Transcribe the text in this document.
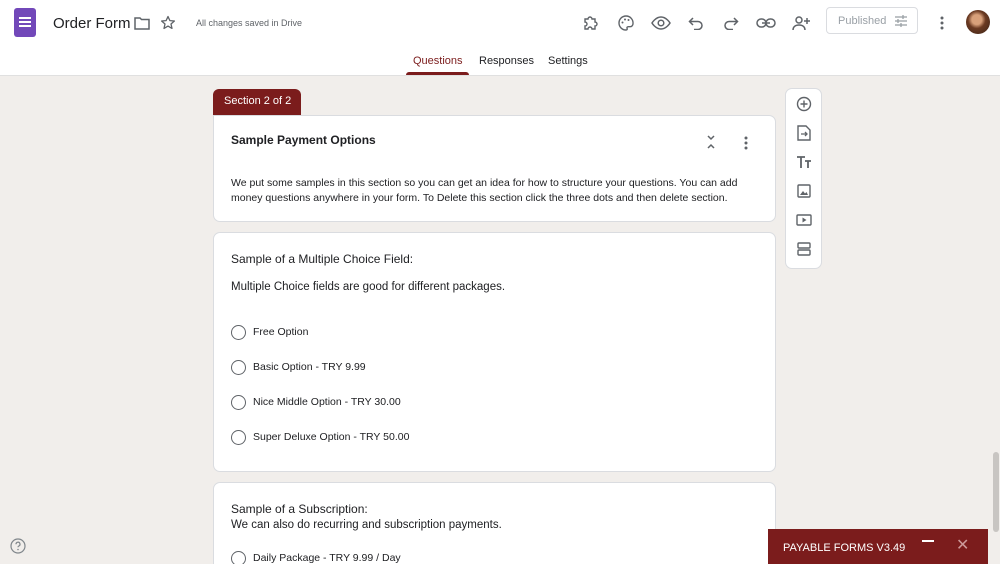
Order Form	All changes saved in Drive	Published
Questions Responses Settings
Section 2 of 2
Sample Payment Options
We put some samples in this section so you can get an idea for how to structure your questions. You can add money questions anywhere in your form. To Delete this section click the three dots and then delete section.
Sample of a Multiple Choice Field:
Multiple Choice fields are good for different packages.
Free Option
Basic Option - TRY 9.99
Nice Middle Option - TRY 30.00
Super Deluxe Option - TRY 50.00
Sample of a Subscription:
We can also do recurring and subscription payments.
Daily Package - TRY 9.99 / Day
PAYABLE FORMS V3.49	✕
